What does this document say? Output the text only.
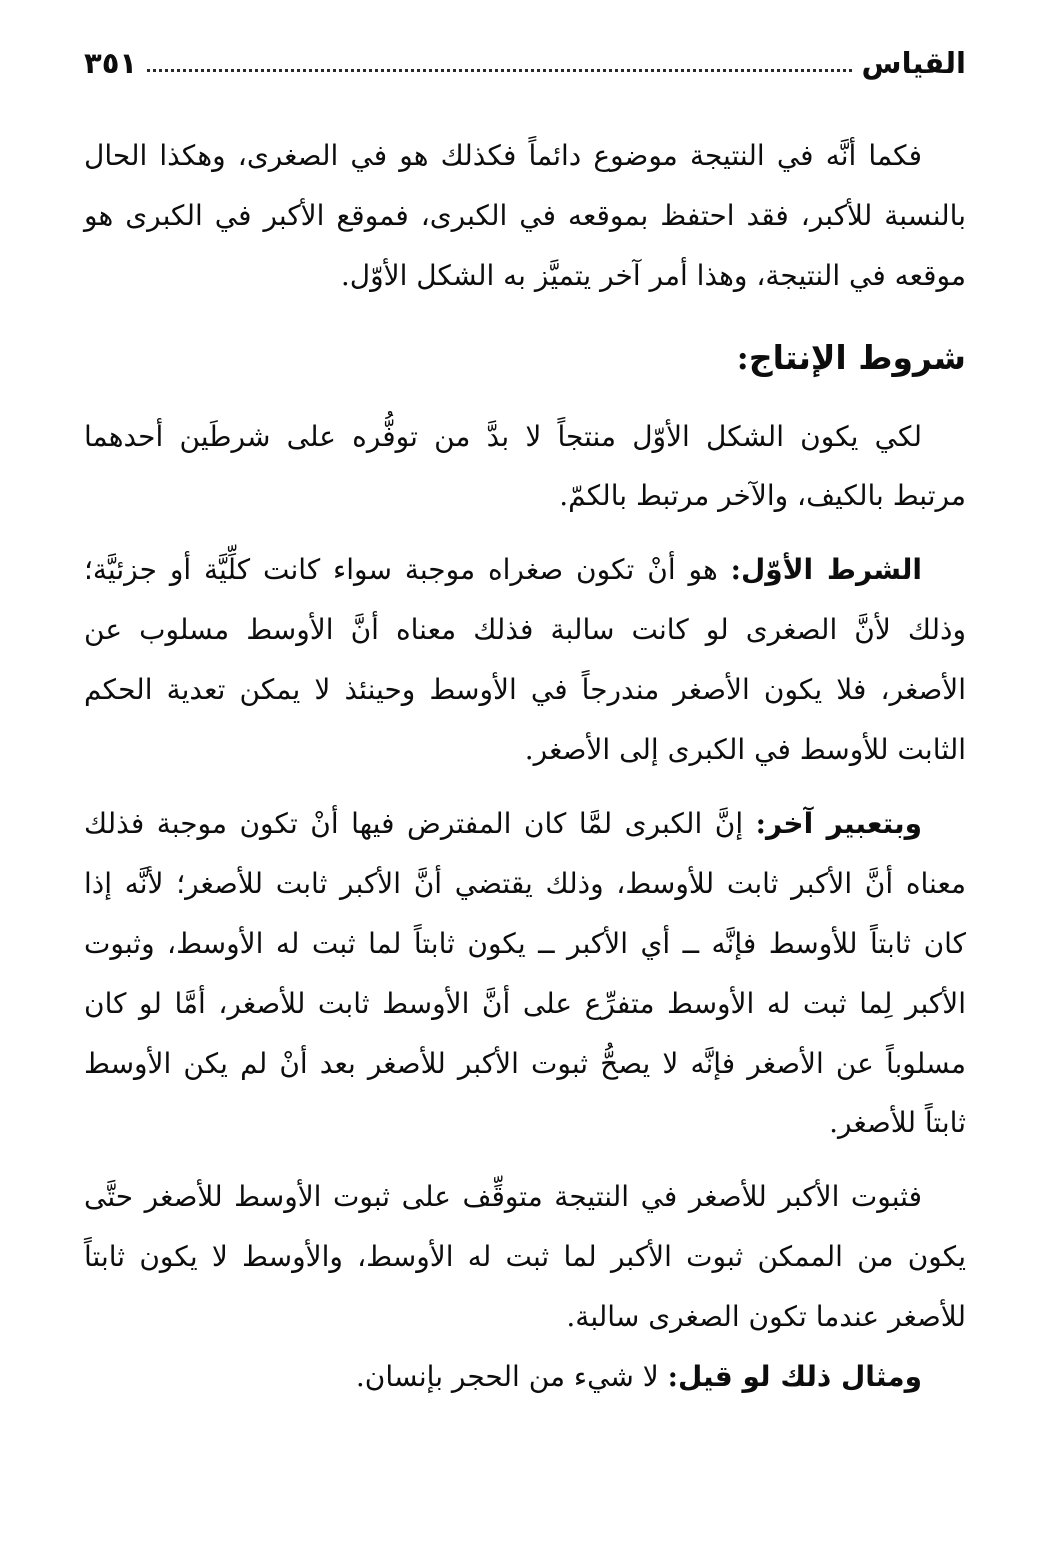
القياس
٣٥١

فكما أنَّه في النتيجة موضوع دائماً فكذلك هو في الصغرى، وهكذا الحال بالنسبة للأكبر، فقد احتفظ بموقعه في الكبرى، فموقع الأكبر في الكبرى هو موقعه في النتيجة، وهذا أمر آخر يتميَّز به الشكل الأوّل.

شروط الإنتاج:

لكي يكون الشكل الأوّل منتجاً لا بدَّ من توفُّره على شرطَين أحدهما مرتبط بالكيف، والآخر مرتبط بالكمّ.

الشرط الأوّل: هو أنْ تكون صغراه موجبة سواء كانت كلِّيَّة أو جزئيَّة؛ وذلك لأنَّ الصغرى لو كانت سالبة فذلك معناه أنَّ الأوسط مسلوب عن الأصغر، فلا يكون الأصغر مندرجاً في الأوسط وحينئذ لا يمكن تعدية الحكم الثابت للأوسط في الكبرى إلى الأصغر.

وبتعبير آخر: إنَّ الكبرى لمَّا كان المفترض فيها أنْ تكون موجبة فذلك معناه أنَّ الأكبر ثابت للأوسط، وذلك يقتضي أنَّ الأكبر ثابت للأصغر؛ لأنَّه إذا كان ثابتاً للأوسط فإنَّه ــ أي الأكبر ــ يكون ثابتاً لما ثبت له الأوسط، وثبوت الأكبر لِما ثبت له الأوسط متفرِّع على أنَّ الأوسط ثابت للأصغر، أمَّا لو كان مسلوباً عن الأصغر فإنَّه لا يصحُّ ثبوت الأكبر للأصغر بعد أنْ لم يكن الأوسط ثابتاً للأصغر.

فثبوت الأكبر للأصغر في النتيجة متوقِّف على ثبوت الأوسط للأصغر حتَّى يكون من الممكن ثبوت الأكبر لما ثبت له الأوسط، والأوسط لا يكون ثابتاً للأصغر عندما تكون الصغرى سالبة.

ومثال ذلك لو قيل: لا شيء من الحجر بإنسان.
